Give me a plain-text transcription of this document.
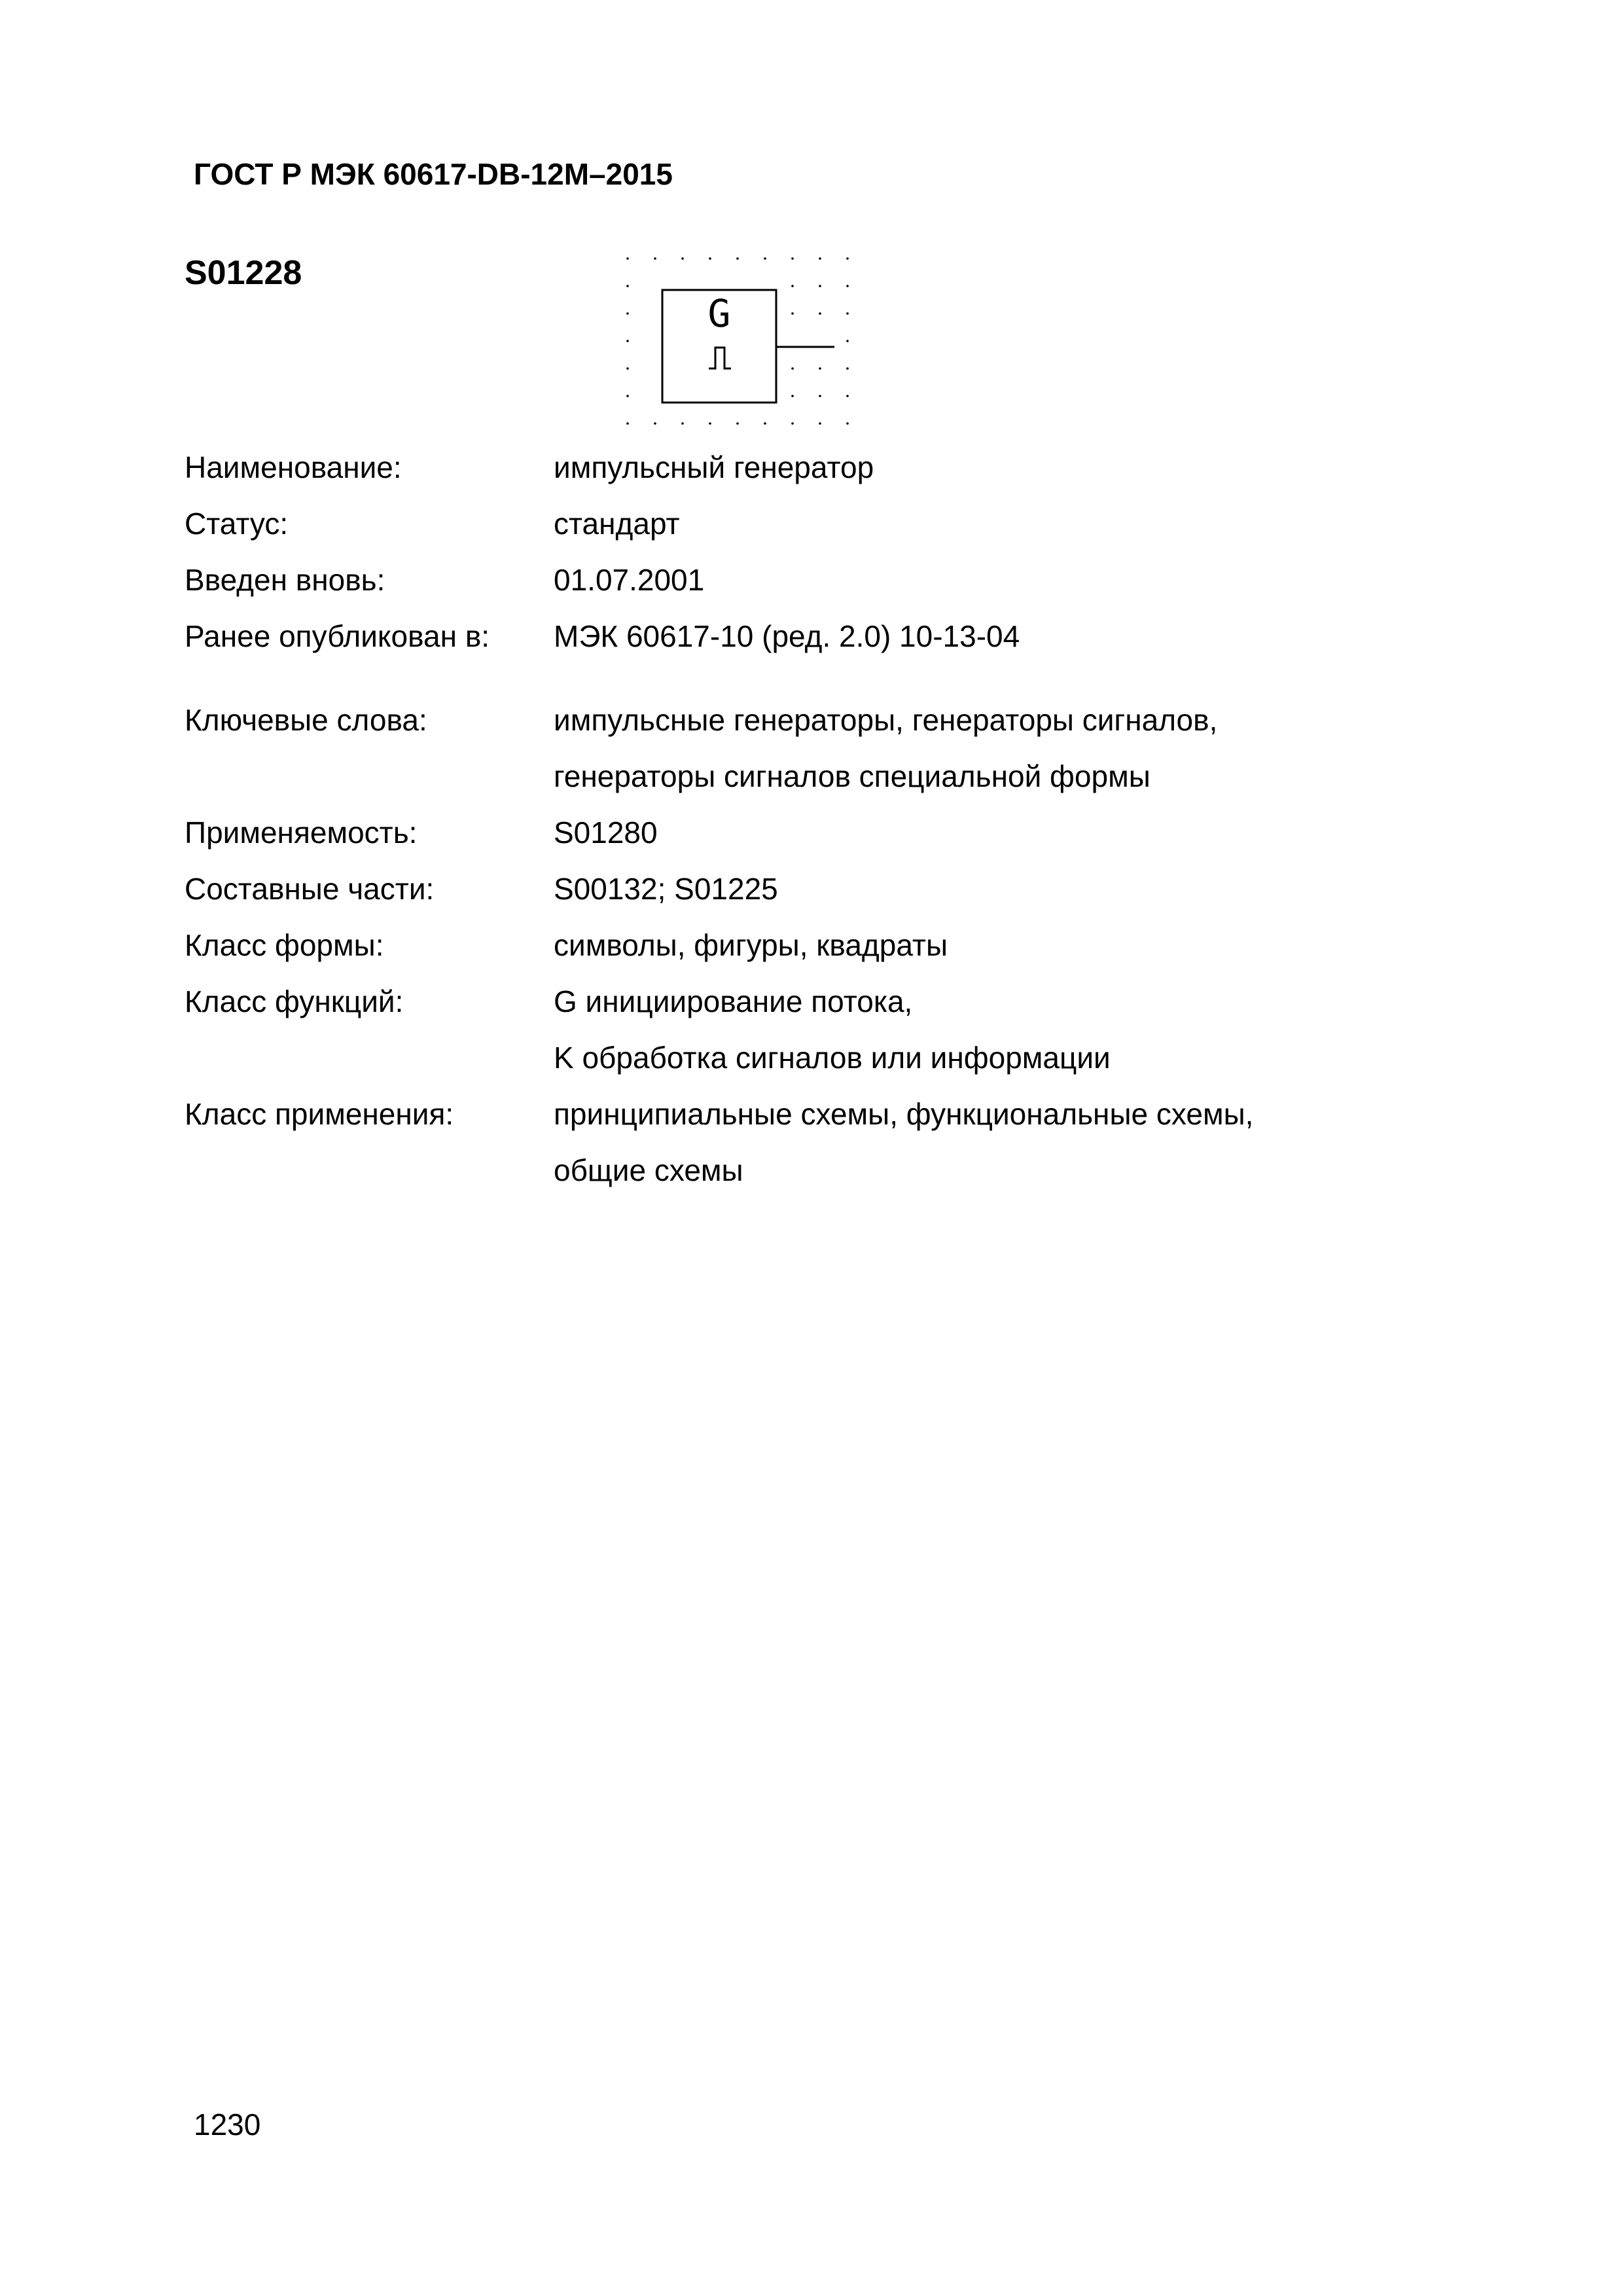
ГОСТ Р МЭК 60617-DB-12M–2015
S01228
G
Наименование:	импульсный генератор
Статус:	стандарт
Введен вновь:	01.07.2001
Ранее опубликован в: МЭК 60617-10 (ред. 2.0) 10-13-04
Ключевые слова:	импульсные генераторы, генераторы сигналов,
генераторы сигналов специальной формы
Применяемость:	S01280
Составные части:	S00132; S01225
Класс формы:	символы, фигуры, квадраты
Класс функций:	G инициирование потока,
K обработка сигналов или информации
Класс применения:	принципиальные схемы, функциональные схемы,
общие схемы
1230
